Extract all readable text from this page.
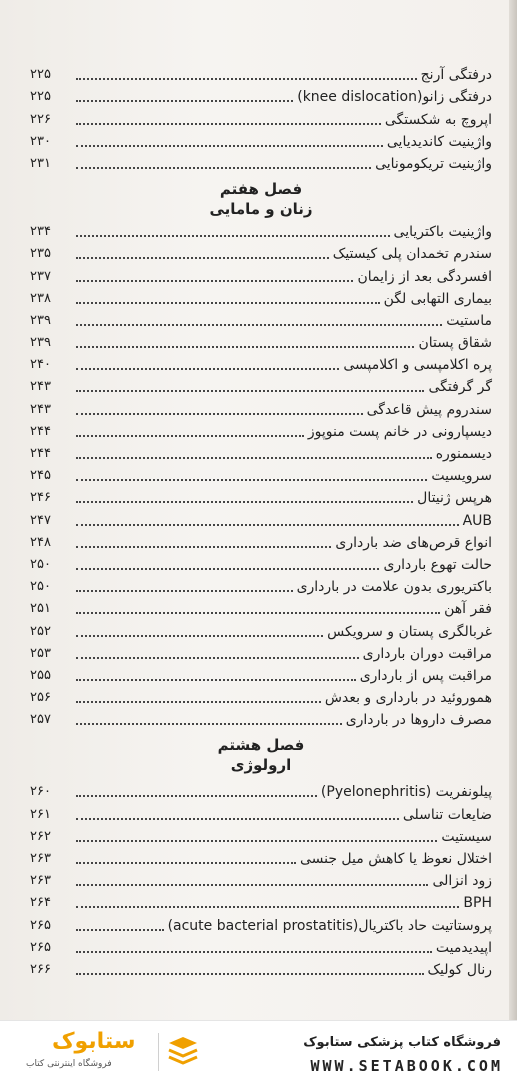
درفتگی آرنج
۲۲۵
درفتگی زانو(knee dislocation)
۲۲۵
اپروچ به شکستگی
۲۲۶
واژینیت کاندیدیایی
۲۳۰
واژینیت تریکومونایی
۲۳۱
فصل هفتم
زنان و مامایی
واژینیت باکتریایی
۲۳۴
سندرم تخمدان پلی کیستیک
۲۳۵
افسردگی بعد از زایمان
۲۳۷
بیماری التهابی لگن
۲۳۸
ماستیت
۲۳۹
شقاق پستان
۲۳۹
پره اکلامپسی و اکلامپسی
۲۴۰
گر گرفتگی
۲۴۳
سندروم پیش قاعدگی
۲۴۳
دیسپارونی در خانم پست منوپوز
۲۴۴
دیسمنوره
۲۴۴
سرویسیت
۲۴۵
هرپس ژنیتال
۲۴۶
AUB
۲۴۷
انواع قرص‌های ضد بارداری
۲۴۸
حالت تهوع بارداری
۲۵۰
باکتریوری بدون علامت در بارداری
۲۵۰
فقر آهن
۲۵۱
غربالگری پستان و سرویکس
۲۵۲
مراقبت دوران بارداری
۲۵۳
مراقبت پس از بارداری
۲۵۵
هموروئید در بارداری و بعدش
۲۵۶
مصرف داروها در بارداری
۲۵۷
فصل هشتم
ارولوژی
پیلونفریت (Pyelonephritis)
۲۶۰
ضایعات تناسلی
۲۶۱
سیستیت
۲۶۲
اختلال نعوظ یا کاهش میل جنسی
۲۶۳
زود انزالی
۲۶۳
BPH
۲۶۴
پروستاتیت حاد باکتریال(acute bacterial prostatitis)
۲۶۵
اپیدیدمیت
۲۶۵
رنال کولیک
۲۶۶
ستابوک
فروشگاه اینترنتی کتاب
فروشگاه کتاب پزشکی ستابوک
WWW.SETABOOK.COM
